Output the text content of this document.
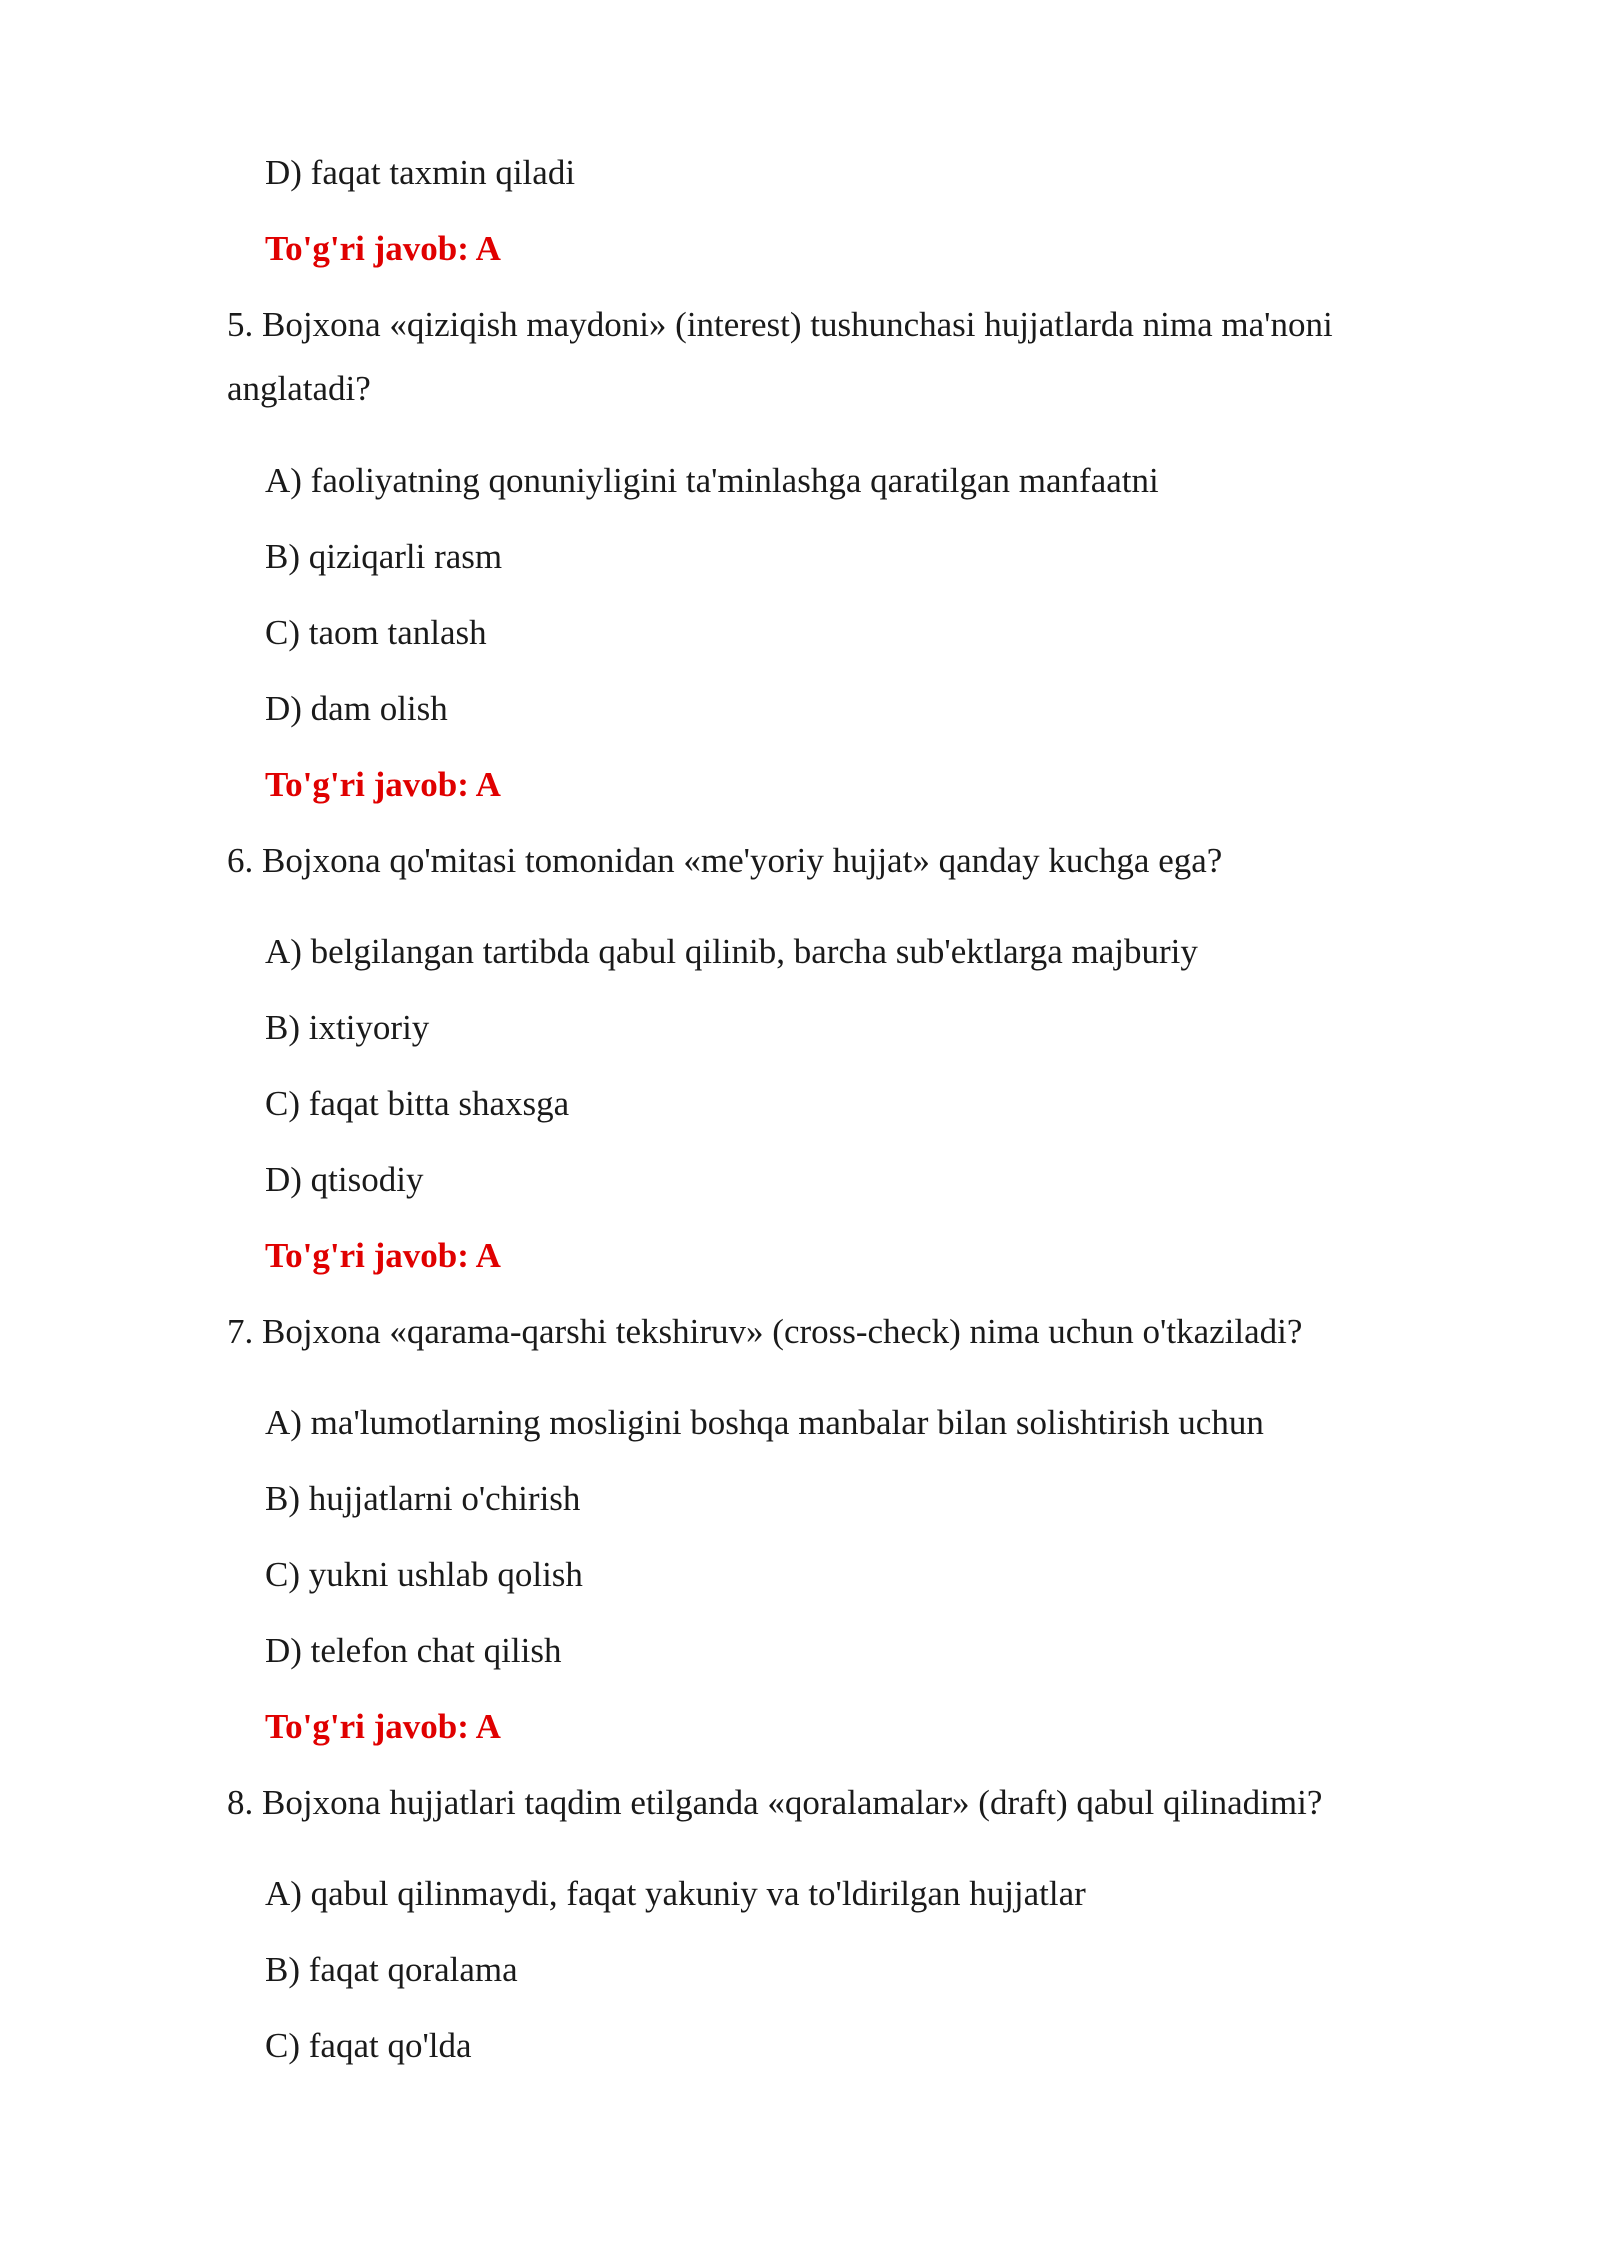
D) faqat taxmin qiladi
To'g'ri javob: A
5. Bojxona «qiziqish maydoni» (interest) tushunchasi hujjatlarda nima ma'noni
anglatadi?
A) faoliyatning qonuniyligini ta'minlashga qaratilgan manfaatni
B) qiziqarli rasm
C) taom tanlash
D) dam olish
To'g'ri javob: A
6. Bojxona qo'mitasi tomonidan «me'yoriy hujjat» qanday kuchga ega?
A) belgilangan tartibda qabul qilinib, barcha sub'ektlarga majburiy
B) ixtiyoriy
C) faqat bitta shaxsga
D) qtisodiy
To'g'ri javob: A
7. Bojxona «qarama-qarshi tekshiruv» (cross-check) nima uchun o'tkaziladi?
A) ma'lumotlarning mosligini boshqa manbalar bilan solishtirish uchun
B) hujjatlarni o'chirish
C) yukni ushlab qolish
D) telefon chat qilish
To'g'ri javob: A
8. Bojxona hujjatlari taqdim etilganda «qoralamalar» (draft) qabul qilinadimi?
A) qabul qilinmaydi, faqat yakuniy va to'ldirilgan hujjatlar
B) faqat qoralama
C) faqat qo'lda
